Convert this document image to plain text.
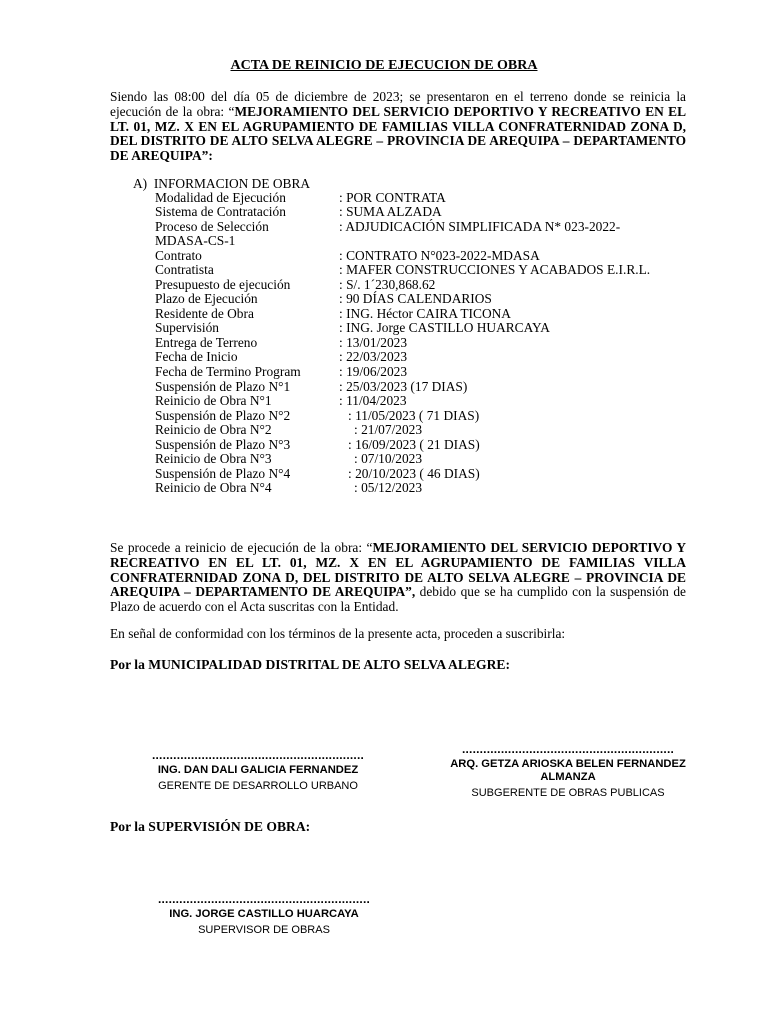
ACTA DE REINICIO DE EJECUCION DE OBRA
Siendo las 08:00 del día 05 de diciembre de 2023; se presentaron en el terreno donde se reinicia la ejecución de la obra: “MEJORAMIENTO DEL SERVICIO DEPORTIVO Y RECREATIVO EN EL LT. 01, MZ. X EN EL AGRUPAMIENTO DE FAMILIAS VILLA CONFRATERNIDAD ZONA D, DEL DISTRITO DE ALTO SELVA ALEGRE – PROVINCIA DE AREQUIPA – DEPARTAMENTO DE AREQUIPA”:
A)  INFORMACION DE OBRA
Modalidad de Ejecución	: POR CONTRATA
Sistema de Contratación	: SUMA ALZADA
Proceso de Selección	: ADJUDICACIÓN SIMPLIFICADA N* 023-2022-
MDASA-CS-1
Contrato	: CONTRATO N°023-2022-MDASA
Contratista	: MAFER CONSTRUCCIONES Y ACABADOS E.I.R.L.
Presupuesto de ejecución	: S/. 1´230,868.62
Plazo de Ejecución	: 90 DÍAS CALENDARIOS
Residente de Obra	: ING. Héctor CAIRA TICONA
Supervisión	: ING. Jorge CASTILLO HUARCAYA
Entrega de Terreno	: 13/01/2023
Fecha de Inicio	: 22/03/2023
Fecha de Termino Program	: 19/06/2023
Suspensión de Plazo N°1	: 25/03/2023 (17 DIAS)
Reinicio de Obra N°1	: 11/04/2023
Suspensión de Plazo N°2	: 11/05/2023 ( 71 DIAS)
Reinicio de Obra N°2	: 21/07/2023
Suspensión de Plazo N°3	: 16/09/2023 ( 21 DIAS)
Reinicio de Obra N°3	: 07/10/2023
Suspensión de Plazo N°4	: 20/10/2023 ( 46 DIAS)
Reinicio de Obra N°4	: 05/12/2023
Se procede a reinicio de ejecución de la obra: “MEJORAMIENTO DEL SERVICIO DEPORTIVO Y RECREATIVO EN EL LT. 01, MZ. X EN EL AGRUPAMIENTO DE FAMILIAS VILLA CONFRATERNIDAD ZONA D, DEL DISTRITO DE ALTO SELVA ALEGRE – PROVINCIA DE AREQUIPA – DEPARTAMENTO DE AREQUIPA”, debido que se ha cumplido con la suspensión de Plazo de acuerdo con el Acta suscritas con la Entidad.
En señal de conformidad con los términos de la presente acta, proceden a suscribirla:
Por la MUNICIPALIDAD DISTRITAL DE ALTO SELVA ALEGRE:
............................................................
ING. DAN DALI GALICIA FERNANDEZ
GERENTE DE DESARROLLO URBANO
............................................................
ARQ. GETZA ARIOSKA BELEN FERNANDEZ ALMANZA
SUBGERENTE DE OBRAS PUBLICAS
Por la SUPERVISIÓN DE OBRA:
............................................................
ING. JORGE CASTILLO HUARCAYA
SUPERVISOR DE OBRAS
